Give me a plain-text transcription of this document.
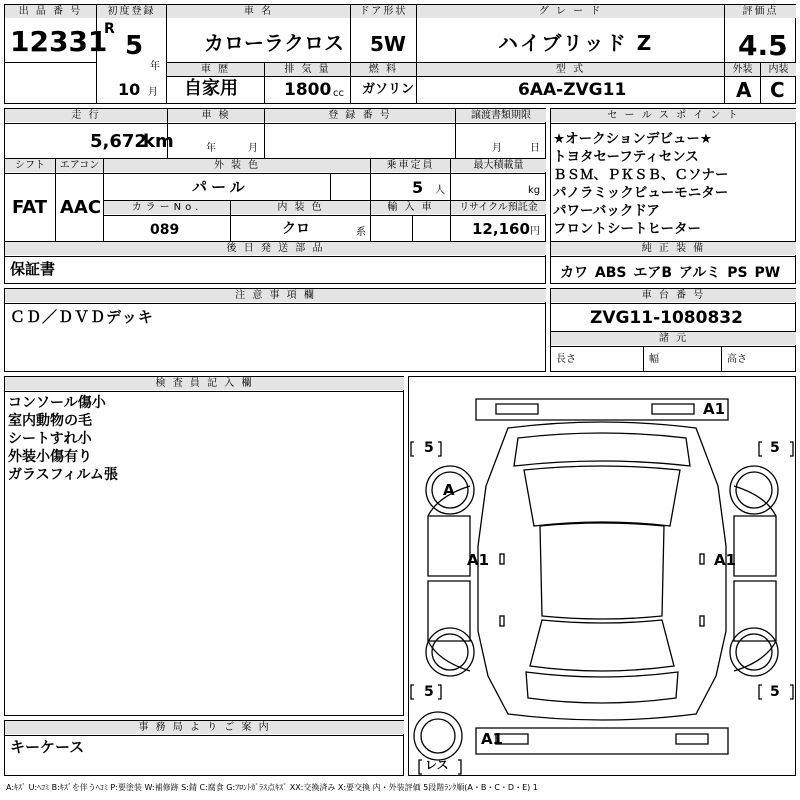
出 品 番 号
12331
初度登録
R
5
年
10 月
車 名
カローラクロス
ドア形状
5W
グ レ ー ド
ハイブリッド Z
評価点
4.5
車 歴
自家用
排 気 量
1800 cc
燃 料
ガソリン
型 式
6AA-ZVG11
外装	内装
A C
走 行
5,672
km
車 検
年	月
登 録 番 号	譲渡書類期限
月	日
シフト
FAT
エアコン
AAC
外 装 色
パール
乗車定員
5 人
最大積載量
kg
カラーNo.
089
内 装 色
クロ	系
輸 入 車	リサイクル預託金
12,160 円
後 日 発 送 部 品
保証書
セ ー ル ス ポ イ ン ト
★オークションデビュー★
トヨタセーフティセンス
ＢＳＭ、ＰＫＳＢ、Ｃソナー
パノラミックビューモニター
パワーバックドア
フロントシートヒーター
純 正 装 備
カワ ABS エアB アルミ PS PW
注 意 事 項 欄
ＣＤ／ＤＶＤデッキ
車 台 番 号
ZVG11-1080832
諸 元
長さ	幅	高さ
検 査 員 記 入 欄
コンソール傷小
室内動物の毛
シートすれ小
外装小傷有り
ガラスフィルム張
事 務 局 よ り ご 案 内
キーケース
A1
A
A1	A1
A1
5	5
5	5
レス
A:ｷｽﾞ U:ﾍｺﾐ B:ｷｽﾞを伴うﾍｺﾐ P:要塗装 W:補修跡 S:錆 C:腐食 G:ﾌﾛﾝﾄｶﾞﾗｽ点ｷｽﾞ XX:交換済み X:要交換 内・外装評価 5段階ﾗﾝｸ順(A・B・C・D・E) 1
